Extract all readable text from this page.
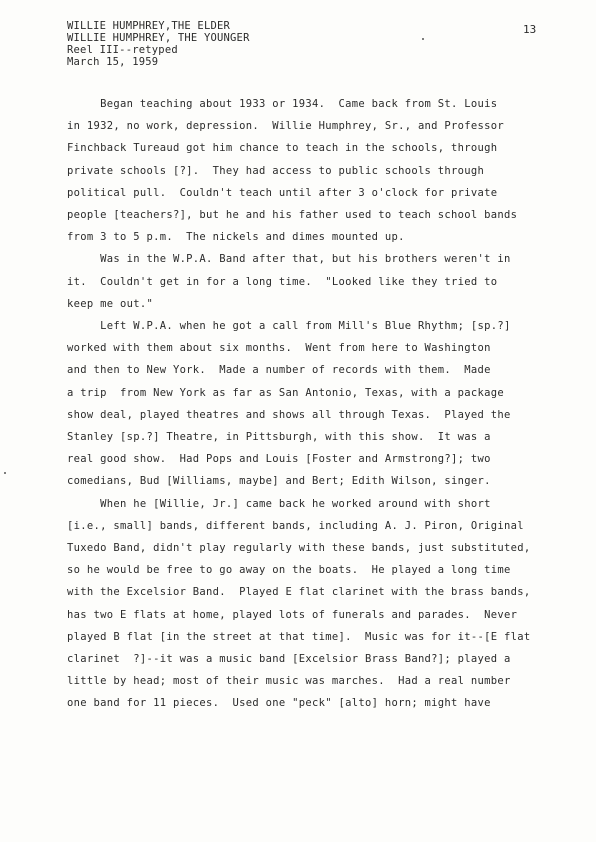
WILLIE HUMPHREY,THE ELDER
WILLIE HUMPHREY, THE YOUNGER
Reel III--retyped
March 15, 1959
13
Began teaching about 1933 or 1934.  Came back from St. Louis
in 1932, no work, depression.  Willie Humphrey, Sr., and Professor
Finchback Tureaud got him chance to teach in the schools, through
private schools [?].  They had access to public schools through
political pull.  Couldn't teach until after 3 o'clock for private
people [teachers?], but he and his father used to teach school bands
from 3 to 5 p.m.  The nickels and dimes mounted up.
Was in the W.P.A. Band after that, but his brothers weren't in
it.  Couldn't get in for a long time.  "Looked like they tried to
keep me out."
Left W.P.A. when he got a call from Mill's Blue Rhythm; [sp.?]
worked with them about six months.  Went from here to Washington
and then to New York.  Made a number of records with them.  Made
a trip  from New York as far as San Antonio, Texas, with a package
show deal, played theatres and shows all through Texas.  Played the
Stanley [sp.?] Theatre, in Pittsburgh, with this show.  It was a
real good show.  Had Pops and Louis [Foster and Armstrong?]; two
comedians, Bud [Williams, maybe] and Bert; Edith Wilson, singer.
When he [Willie, Jr.] came back he worked around with short
[i.e., small] bands, different bands, including A. J. Piron, Original
Tuxedo Band, didn't play regularly with these bands, just substituted,
so he would be free to go away on the boats.  He played a long time
with the Excelsior Band.  Played E flat clarinet with the brass bands,
has two E flats at home, played lots of funerals and parades.  Never
played B flat [in the street at that time].  Music was for it--[E flat
clarinet  ?]--it was a music band [Excelsior Brass Band?]; played a
little by head; most of their music was marches.  Had a real number
one band for 11 pieces.  Used one "peck" [alto] horn; might have
